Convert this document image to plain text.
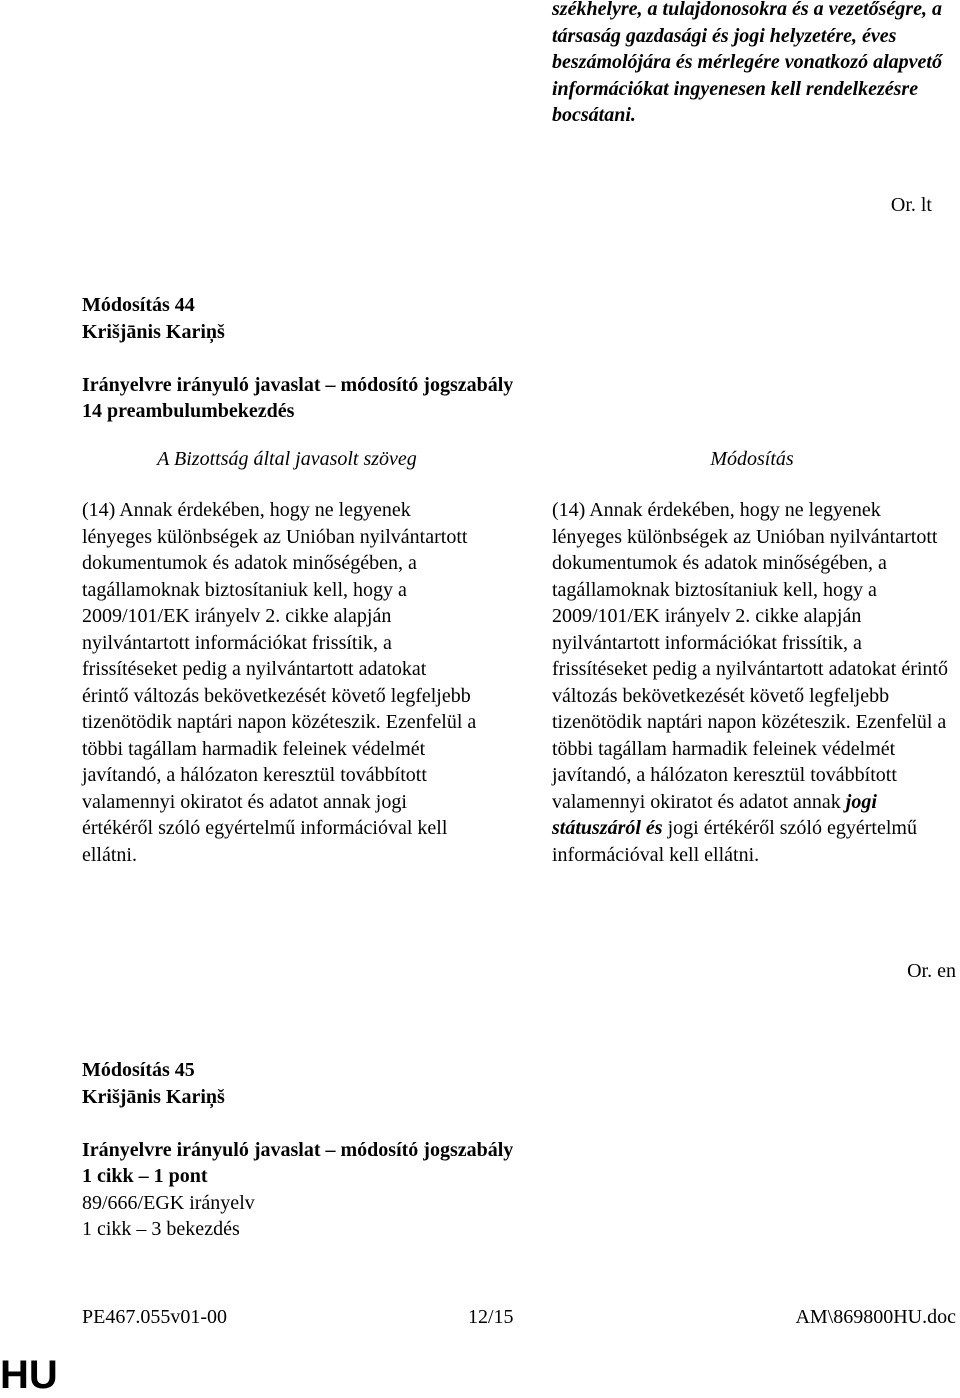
székhelyre, a tulajdonosokra és a vezetőségre, a társaság gazdasági és jogi helyzetére, éves beszámolójára és mérlegére vonatkozó alapvető információkat ingyenesen kell rendelkezésre bocsátani.
Or. lt
Módosítás 44
Krišjānis Kariņš
Irányelvre irányuló javaslat – módosító jogszabály
14 preambulumbekezdés
A Bizottság által javasolt szöveg	Módosítás

(14) Annak érdekében, hogy ne legyenek lényeges különbségek az Unióban nyilvántartott dokumentumok és adatok minőségében, a tagállamoknak biztosítaniuk kell, hogy a 2009/101/EK irányelv 2. cikke alapján nyilvántartott információkat frissítik, a frissítéseket pedig a nyilvántartott adatokat érintő változás bekövetkezését követő legfeljebb tizenötödik naptári napon közéteszik. Ezenfelül a többi tagállam harmadik feleinek védelmét javítandó, a hálózaton keresztül továbbított valamennyi okiratot és adatot annak jogi értékéről szóló egyértelmű információval kell ellátni.

(14) Annak érdekében, hogy ne legyenek lényeges különbségek az Unióban nyilvántartott dokumentumok és adatok minőségében, a tagállamoknak biztosítaniuk kell, hogy a 2009/101/EK irányelv 2. cikke alapján nyilvántartott információkat frissítik, a frissítéseket pedig a nyilvántartott adatokat érintő változás bekövetkezését követő legfeljebb tizenötödik naptári napon közéteszik. Ezenfelül a többi tagállam harmadik feleinek védelmét javítandó, a hálózaton keresztül továbbított valamennyi okiratot és adatot annak jogi státuszáról és jogi értékéről szóló egyértelmű információval kell ellátni.

Or. en
Módosítás 45
Krišjānis Kariņš
Irányelvre irányuló javaslat – módosító jogszabály
1 cikk – 1 pont
89/666/EGK irányelv
1 cikk – 3 bekezdés
PE467.055v01-00	12/15	AM\869800HU.doc
HU
